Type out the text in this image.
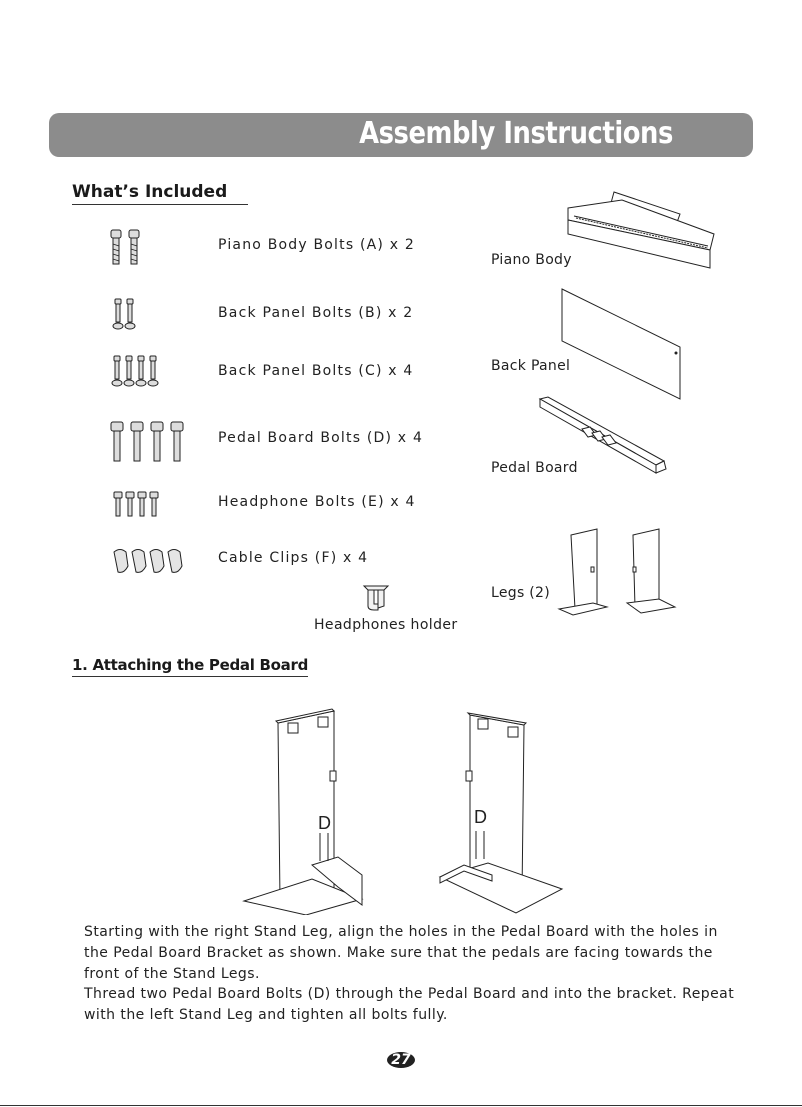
Assembly Instructions
What’s Included
Piano Body Bolts (A) x 2
Back Panel Bolts (B) x 2
Back Panel Bolts (C) x 4
Pedal Board Bolts (D) x 4
Headphone Bolts (E) x 4
Cable Clips (F) x 4
Headphones holder
Piano Body
Back Panel
Pedal Board
Legs (2)
1. Attaching the Pedal Board
D	D

Starting with the right Stand Leg, align the holes in the Pedal Board with the holes in the Pedal Board Bracket as shown. Make sure that the pedals are facing towards the front of the Stand Legs.

Thread two Pedal Board Bolts (D) through the Pedal Board and into the bracket. Repeat with the left Stand Leg and tighten all bolts fully.

27
